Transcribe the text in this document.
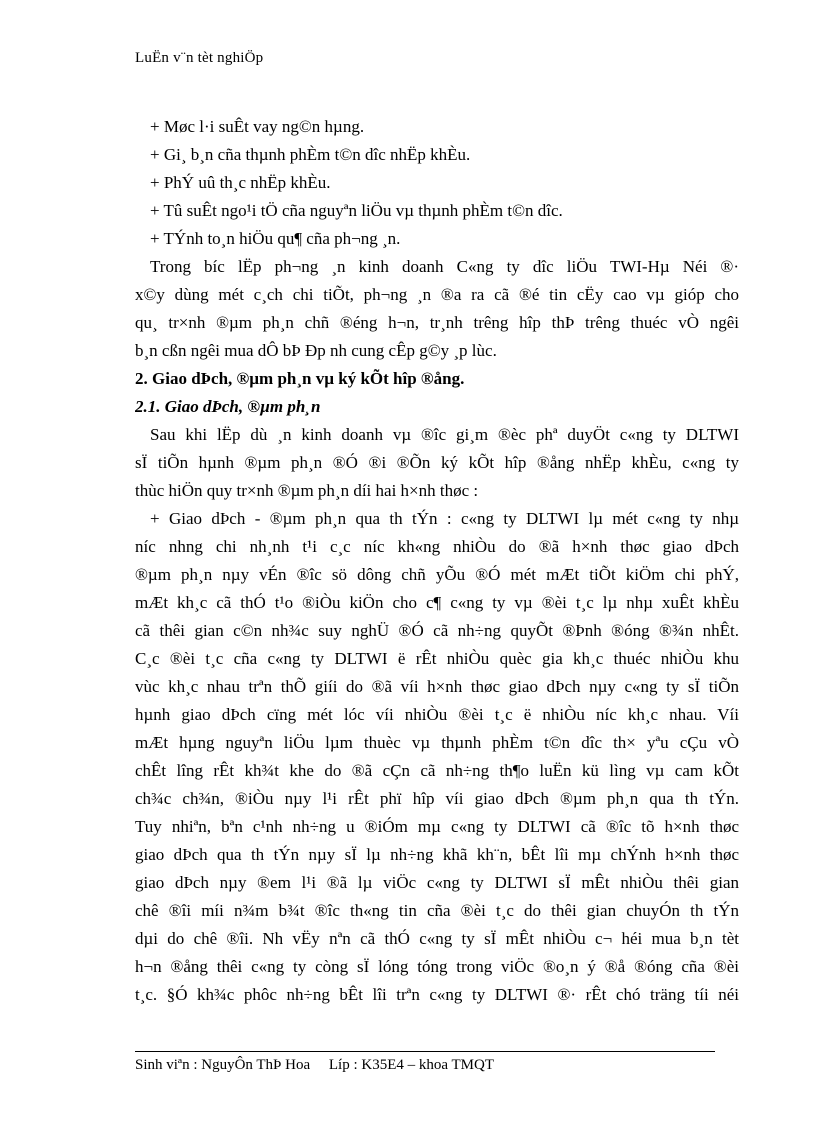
LuËn v¨n tèt nghiÖp
+ Møc l·i suÊt vay ng©n hµng.
+ Gi¸ b¸n cña thµnh phÈm t©n dîc nhËp khÈu.
+ PhÝ uû th¸c nhËp khÈu.
+ Tû suÊt ngo¹i tÖ cña nguyªn liÖu vµ thµnh phÈm t©n dîc.
+ TÝnh to¸n hiÖu qu¶ cña ph¬ng ¸n.
Trong bíc lËp ph¬ng ¸n kinh doanh C«ng ty dîc liÖu TWI-Hµ Néi ®·
x©y dùng mét c¸ch chi tiÕt, ph¬ng ¸n ®a ra cã ®é tin cËy cao vµ gióp cho
qu¸ tr×nh ®µm ph¸n chñ ®éng h¬n, tr¸nh trêng hîp thÞ trêng thuéc vÒ ngêi
b¸n cßn ngêi mua dÔ bÞ Ðp nh cung cÊp g©y ¸p lùc.
2. Giao dÞch, ®µm ph¸n vµ ký kÕt hîp ®ång.
2.1. Giao dÞch, ®µm ph¸n
Sau khi lËp dù ¸n kinh doanh vµ ®îc gi¸m ®èc phª duyÖt c«ng ty DLTWI
sÏ tiÕn hµnh ®µm ph¸n ®Ó ®i ®Õn ký kÕt hîp ®ång nhËp khÈu, c«ng ty
thùc hiÖn quy tr×nh ®µm ph¸n díi hai h×nh thøc :
+ Giao dÞch - ®µm ph¸n qua th tÝn : c«ng ty DLTWI lµ mét c«ng ty nhµ
níc nhng chi nh¸nh t¹i c¸c níc kh«ng nhiÒu do ®ã h×nh thøc giao dÞch
®µm ph¸n nµy vÉn ®îc sö dông chñ yÕu ®Ó mét mÆt tiÕt kiÖm chi phÝ,
mÆt kh¸c cã thÓ t¹o ®iÒu kiÖn cho c¶ c«ng ty vµ ®èi t¸c lµ nhµ xuÊt khÈu
cã thêi gian c©n nh¾c suy nghÜ ®Ó cã nh÷ng quyÕt ®Þnh ®óng ®¾n nhÊt.
C¸c ®èi t¸c cña c«ng ty DLTWI ë rÊt nhiÒu quèc gia kh¸c thuéc nhiÒu khu
vùc kh¸c nhau trªn thÕ giíi do ®ã víi h×nh thøc giao dÞch nµy c«ng ty sÏ tiÕn
hµnh giao dÞch cïng mét lóc víi nhiÒu ®èi t¸c ë nhiÒu níc kh¸c nhau. Víi
mÆt hµng nguyªn liÖu lµm thuèc vµ thµnh phÈm t©n dîc th× yªu cÇu vÒ
chÊt lîng rÊt kh¾t khe do ®ã cÇn cã nh÷ng th¶o luËn kü lìng vµ cam kÕt
ch¾c ch¾n, ®iÒu nµy l¹i rÊt phï hîp víi giao dÞch ®µm ph¸n qua th tÝn.
Tuy nhiªn, bªn c¹nh nh÷ng u ®iÓm mµ c«ng ty DLTWI cã ®îc tõ h×nh thøc
giao dÞch qua th tÝn nµy sÏ lµ nh÷ng khã kh¨n, bÊt lîi mµ chÝnh h×nh thøc
giao dÞch nµy ®em l¹i ®ã lµ viÖc c«ng ty DLTWI sÏ mÊt nhiÒu thêi gian
chê ®îi míi n¾m b¾t ®îc th«ng tin cña ®èi t¸c do thêi gian chuyÓn th tÝn
dµi do chê ®îi. Nh vËy nªn cã thÓ c«ng ty sÏ mÊt nhiÒu c¬ héi mua b¸n tèt
h¬n ®ång thêi c«ng ty còng sÏ lóng tóng trong viÖc ®o¸n ý ®å ®óng cña ®èi
t¸c. §Ó kh¾c phôc nh÷ng bÊt lîi trªn c«ng ty DLTWI ®· rÊt chó träng tíi néi
Sinh viªn : NguyÔn ThÞ Hoa Líp : K35E4 – khoa TMQT
